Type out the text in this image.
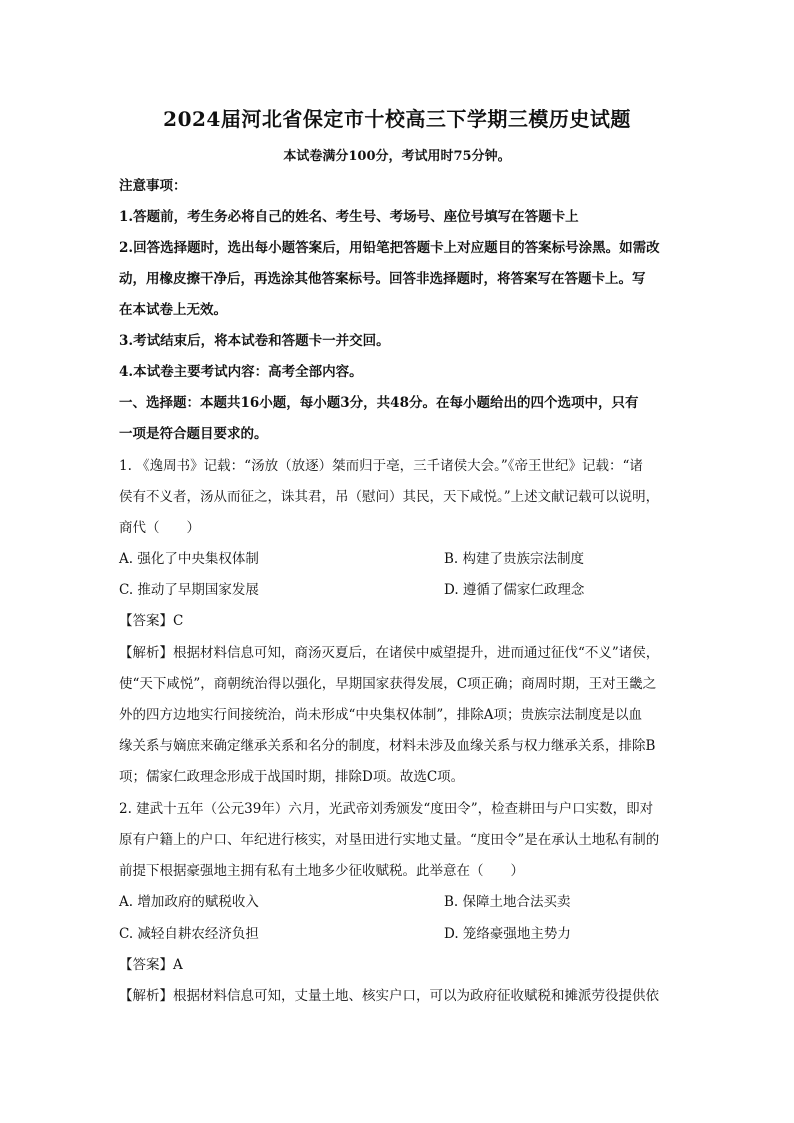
2024届河北省保定市十校高三下学期三模历史试题
本试卷满分100分，考试用时75分钟。
注意事项：
1.答题前，考生务必将自己的姓名、考生号、考场号、座位号填写在答题卡上
2.回答选择题时，选出每小题答案后，用铅笔把答题卡上对应题目的答案标号涂黑。如需改
动，用橡皮擦干净后，再选涂其他答案标号。回答非选择题时，将答案写在答题卡上。写
在本试卷上无效。
3.考试结束后，将本试卷和答题卡一并交回。
4.本试卷主要考试内容：高考全部内容。
一、选择题：本题共16小题，每小题3分，共48分。在每小题给出的四个选项中，只有
一项是符合题目要求的。
1. 《逸周书》记载：“汤放（放逐）桀而归于亳，三千诸侯大会。”《帝王世纪》记载：“诸
侯有不义者，汤从而征之，诛其君，吊（慰问）其民，天下咸悦。”上述文献记载可以说明，
商代（　　）
A. 强化了中央集权体制	B. 构建了贵族宗法制度
C. 推动了早期国家发展	D. 遵循了儒家仁政理念
【答案】C
【解析】根据材料信息可知，商汤灭夏后，在诸侯中威望提升，进而通过征伐“不义”诸侯，
使“天下咸悦”，商朝统治得以强化，早期国家获得发展，C项正确；商周时期，王对王畿之
外的四方边地实行间接统治，尚未形成“中央集权体制”，排除A项；贵族宗法制度是以血
缘关系与嫡庶来确定继承关系和名分的制度，材料未涉及血缘关系与权力继承关系，排除B
项；儒家仁政理念形成于战国时期，排除D项。故选C项。
2. 建武十五年（公元39年）六月，光武帝刘秀颁发“度田令”，检查耕田与户口实数，即对
原有户籍上的户口、年纪进行核实，对垦田进行实地丈量。“度田令”是在承认土地私有制的
前提下根据豪强地主拥有私有土地多少征收赋税。此举意在（　　）
A. 增加政府的赋税收入	B. 保障土地合法买卖
C. 减轻自耕农经济负担	D. 笼络豪强地主势力
【答案】A
【解析】根据材料信息可知，丈量土地、核实户口，可以为政府征收赋税和摊派劳役提供依
